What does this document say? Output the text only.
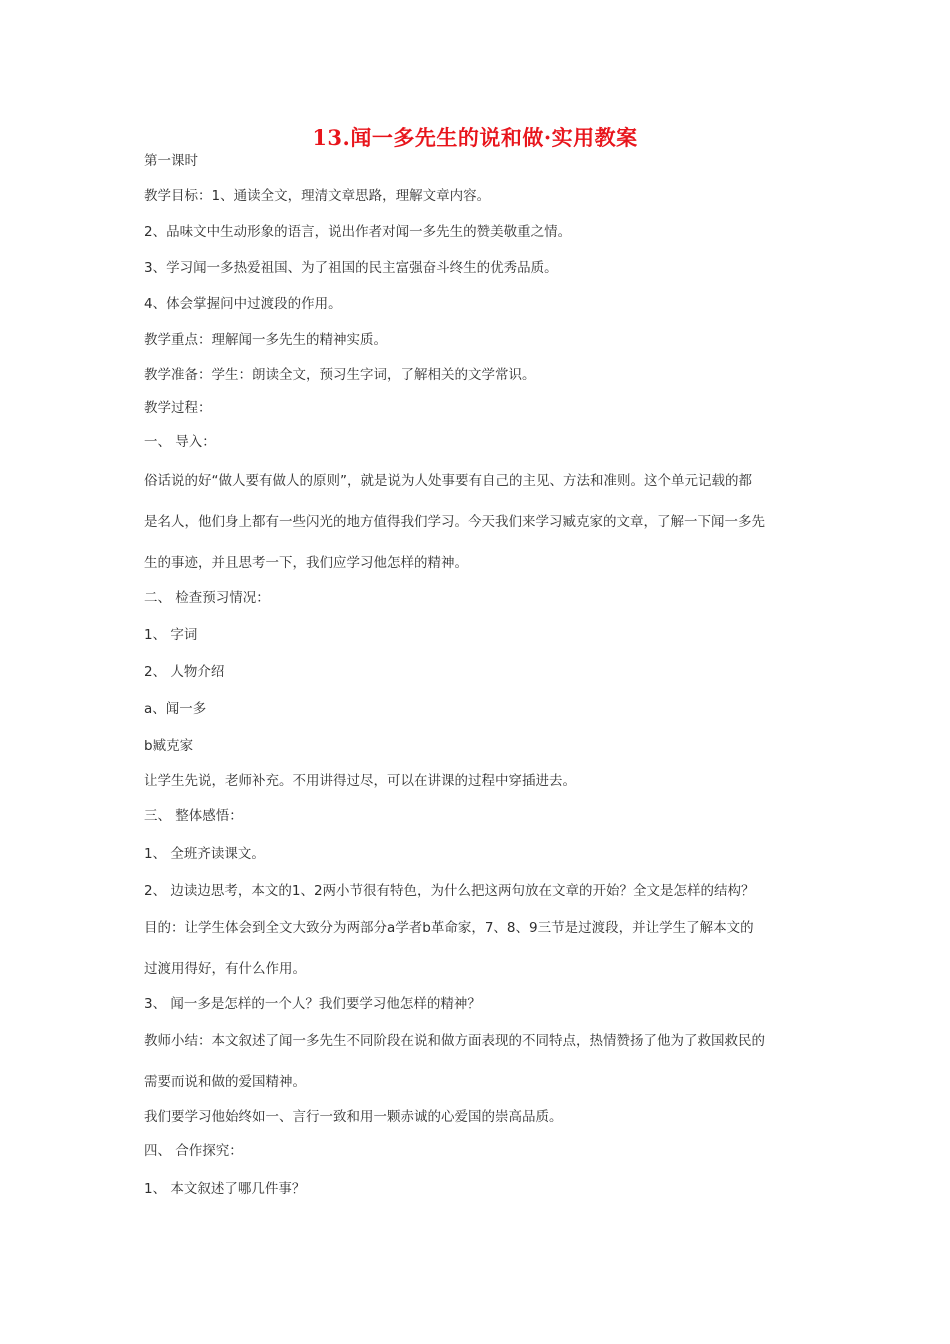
13.闻一多先生的说和做·实用教案
第一课时
教学目标：1、通读全文，理清文章思路，理解文章内容。
2、品味文中生动形象的语言，说出作者对闻一多先生的赞美敬重之情。
3、学习闻一多热爱祖国、为了祖国的民主富强奋斗终生的优秀品质。
4、体会掌握问中过渡段的作用。
教学重点：理解闻一多先生的精神实质。
教学准备：学生：朗读全文，预习生字词，了解相关的文学常识。
教学过程：
一、 导入：
俗话说的好“做人要有做人的原则”，就是说为人处事要有自己的主见、方法和准则。这个单元记载的都
是名人，他们身上都有一些闪光的地方值得我们学习。今天我们来学习臧克家的文章，了解一下闻一多先
生的事迹，并且思考一下，我们应学习他怎样的精神。
二、 检查预习情况：
1、 字词
2、 人物介绍
a、闻一多
b臧克家
让学生先说，老师补充。不用讲得过尽，可以在讲课的过程中穿插进去。
三、 整体感悟：
1、 全班齐读课文。
2、 边读边思考，本文的1、2两小节很有特色，为什么把这两句放在文章的开始？全文是怎样的结构？
目的：让学生体会到全文大致分为两部分a学者b革命家，7、8、9三节是过渡段，并让学生了解本文的
过渡用得好，有什么作用。
3、 闻一多是怎样的一个人？我们要学习他怎样的精神？
教师小结：本文叙述了闻一多先生不同阶段在说和做方面表现的不同特点，热情赞扬了他为了救国救民的
需要而说和做的爱国精神。
我们要学习他始终如一、言行一致和用一颗赤诚的心爱国的崇高品质。
四、 合作探究：
1、 本文叙述了哪几件事？
